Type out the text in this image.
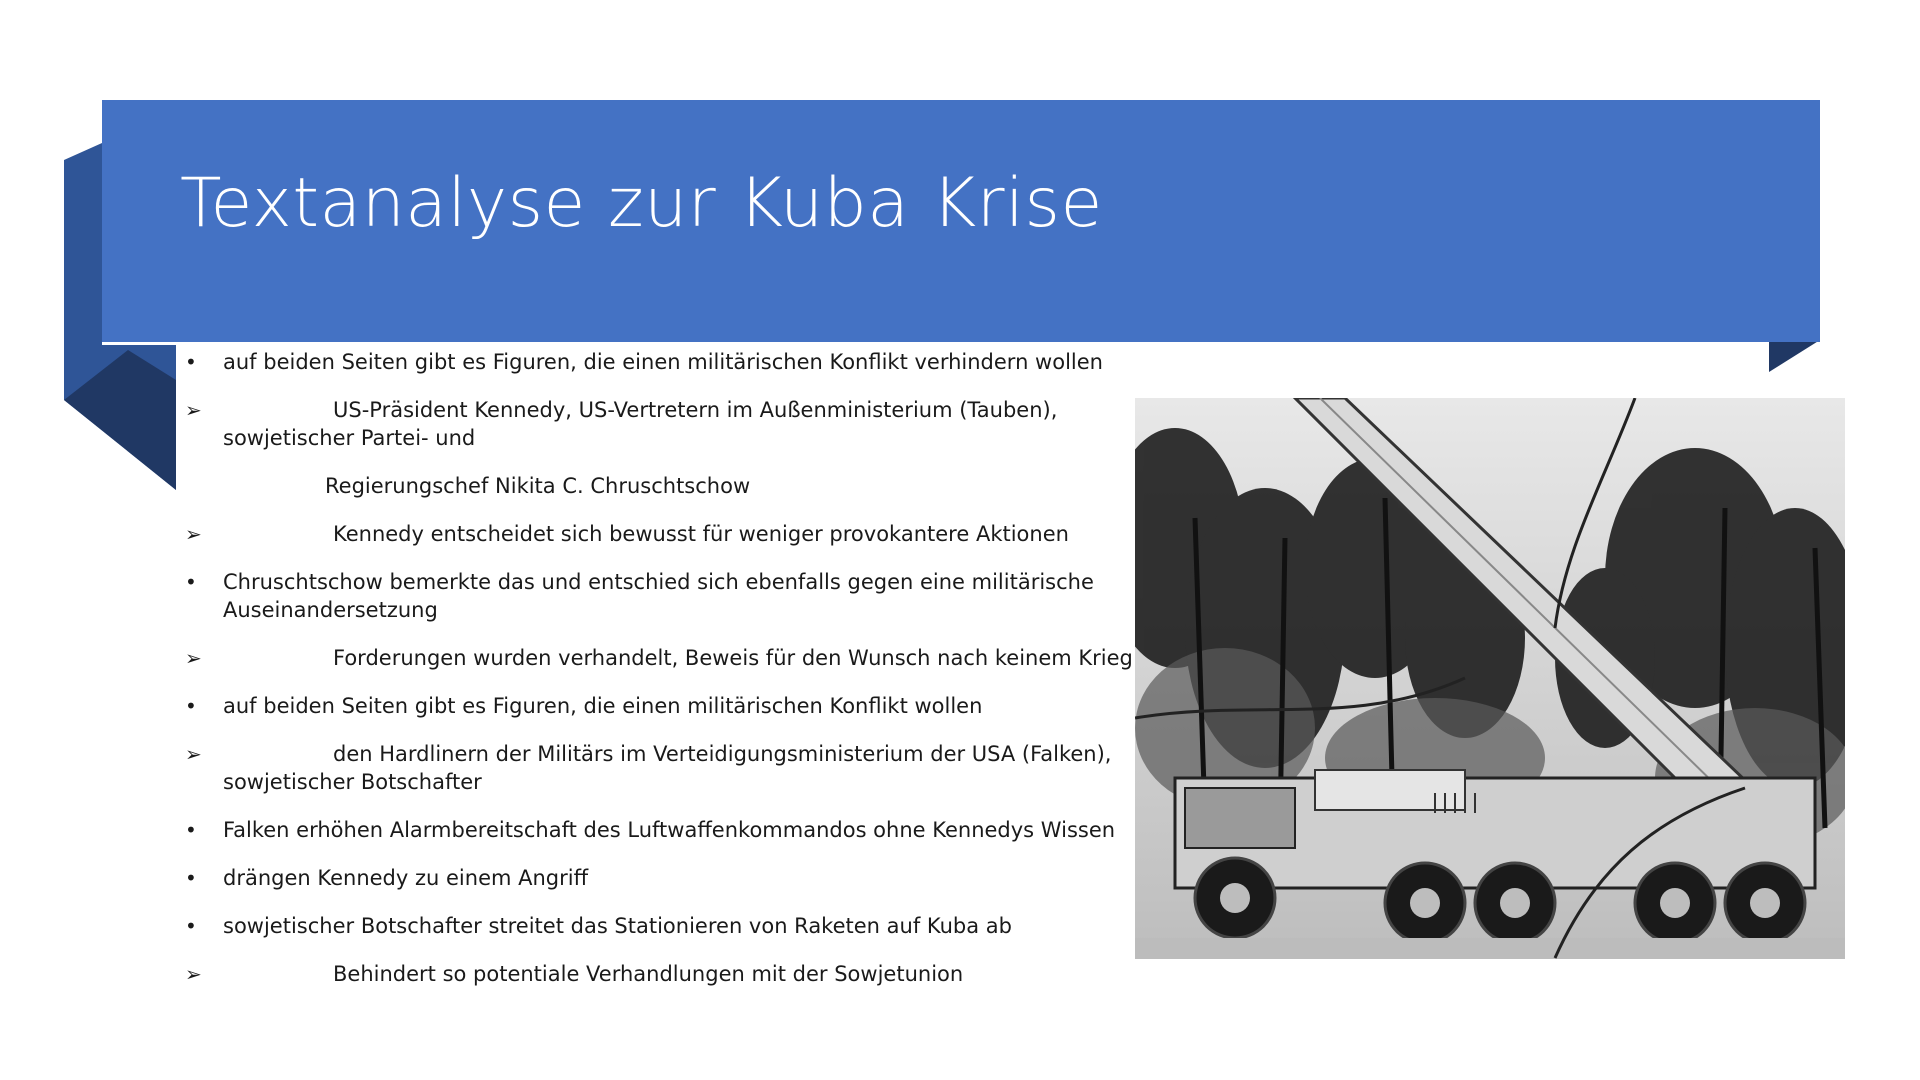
Textanalyse zur Kuba Krise
•	auf beiden Seiten gibt es Figuren, die einen militärischen Konflikt verhindern wollen
➢	US-Präsident Kennedy, US-Vertretern im Außenministerium (Tauben), sowjetischer Partei- und
Regierungschef Nikita C. Chruschtschow
➢	Kennedy entscheidet sich bewusst für weniger provokantere Aktionen
•	Chruschtschow bemerkte das und entschied sich ebenfalls gegen eine militärische Auseinandersetzung
➢	Forderungen wurden verhandelt, Beweis für den Wunsch nach keinem Krieg
•	auf beiden Seiten gibt es Figuren, die einen militärischen Konflikt wollen
➢	den Hardlinern der Militärs im Verteidigungsministerium der USA (Falken), sowjetischer Botschafter
•	Falken erhöhen Alarmbereitschaft des Luftwaffenkommandos ohne Kennedys Wissen
•	drängen Kennedy zu einem Angriff
•	sowjetischer Botschafter streitet das Stationieren von Raketen auf Kuba ab
➢	Behindert so potentiale Verhandlungen mit der Sowjetunion
